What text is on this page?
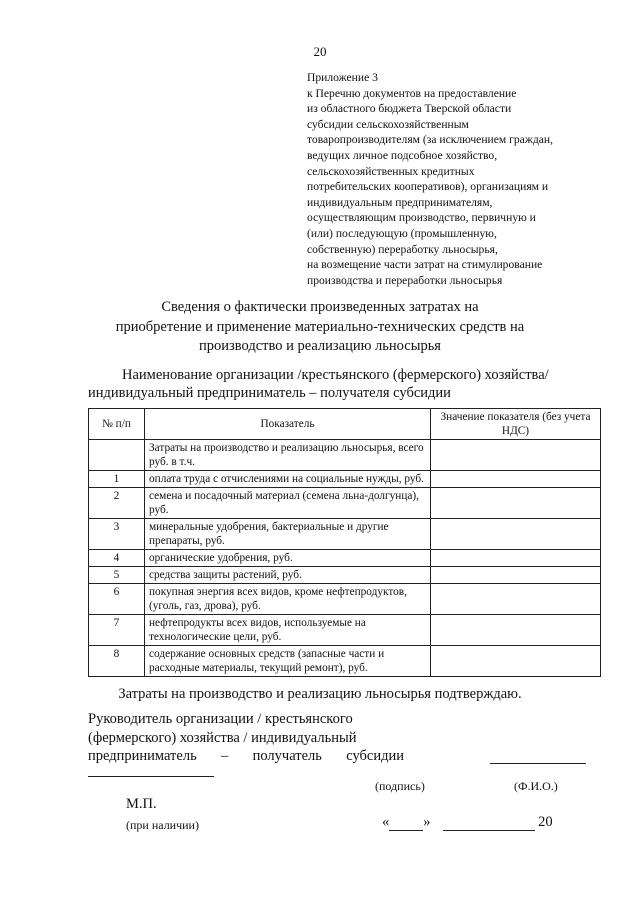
20
Приложение 3
к Перечню документов на предоставление
из областного бюджета Тверской области
субсидии сельскохозяйственным
товаропроизводителям (за исключением граждан,
ведущих личное подсобное хозяйство,
сельскохозяйственных кредитных
потребительских кооперативов), организациям и
индивидуальным предпринимателям,
осуществляющим производство, первичную и
(или) последующую (промышленную,
собственную) переработку льносырья,
на возмещение части затрат на стимулирование
производства и переработки льносырья
Сведения о фактически произведенных затратах на
приобретение и применение материально-технических средств на
производство и реализацию льносырья
Наименование организации /крестьянского (фермерского) хозяйства/
индивидуальный предприниматель – получателя субсидии
№ п/п	Показатель	Значение показателя (без учета НДС)
	Затраты на производство и реализацию льносырья, всего руб. в т.ч.	
1	оплата труда с отчислениями на социальные нужды, руб.	
2	семена и посадочный материал (семена льна-долгунца), руб.	
3	минеральные удобрения, бактериальные и другие препараты, руб.	
4	органические удобрения, руб.	
5	средства защиты растений, руб.	
6	покупная энергия всех видов, кроме нефтепродуктов, (уголь, газ, дрова), руб.	
7	нефтепродукты всех видов, используемые на технологические цели, руб.	
8	содержание основных средств (запасные части и расходные материалы, текущий ремонт), руб.	
Затраты на производство и реализацию льносырья подтверждаю.
Руководитель организации / крестьянского
(фермерского) хозяйства / индивидуальный
предприниматель – получатель субсидии
(подпись)	(Ф.И.О.)
М.П.
(при наличии)	« »	20
